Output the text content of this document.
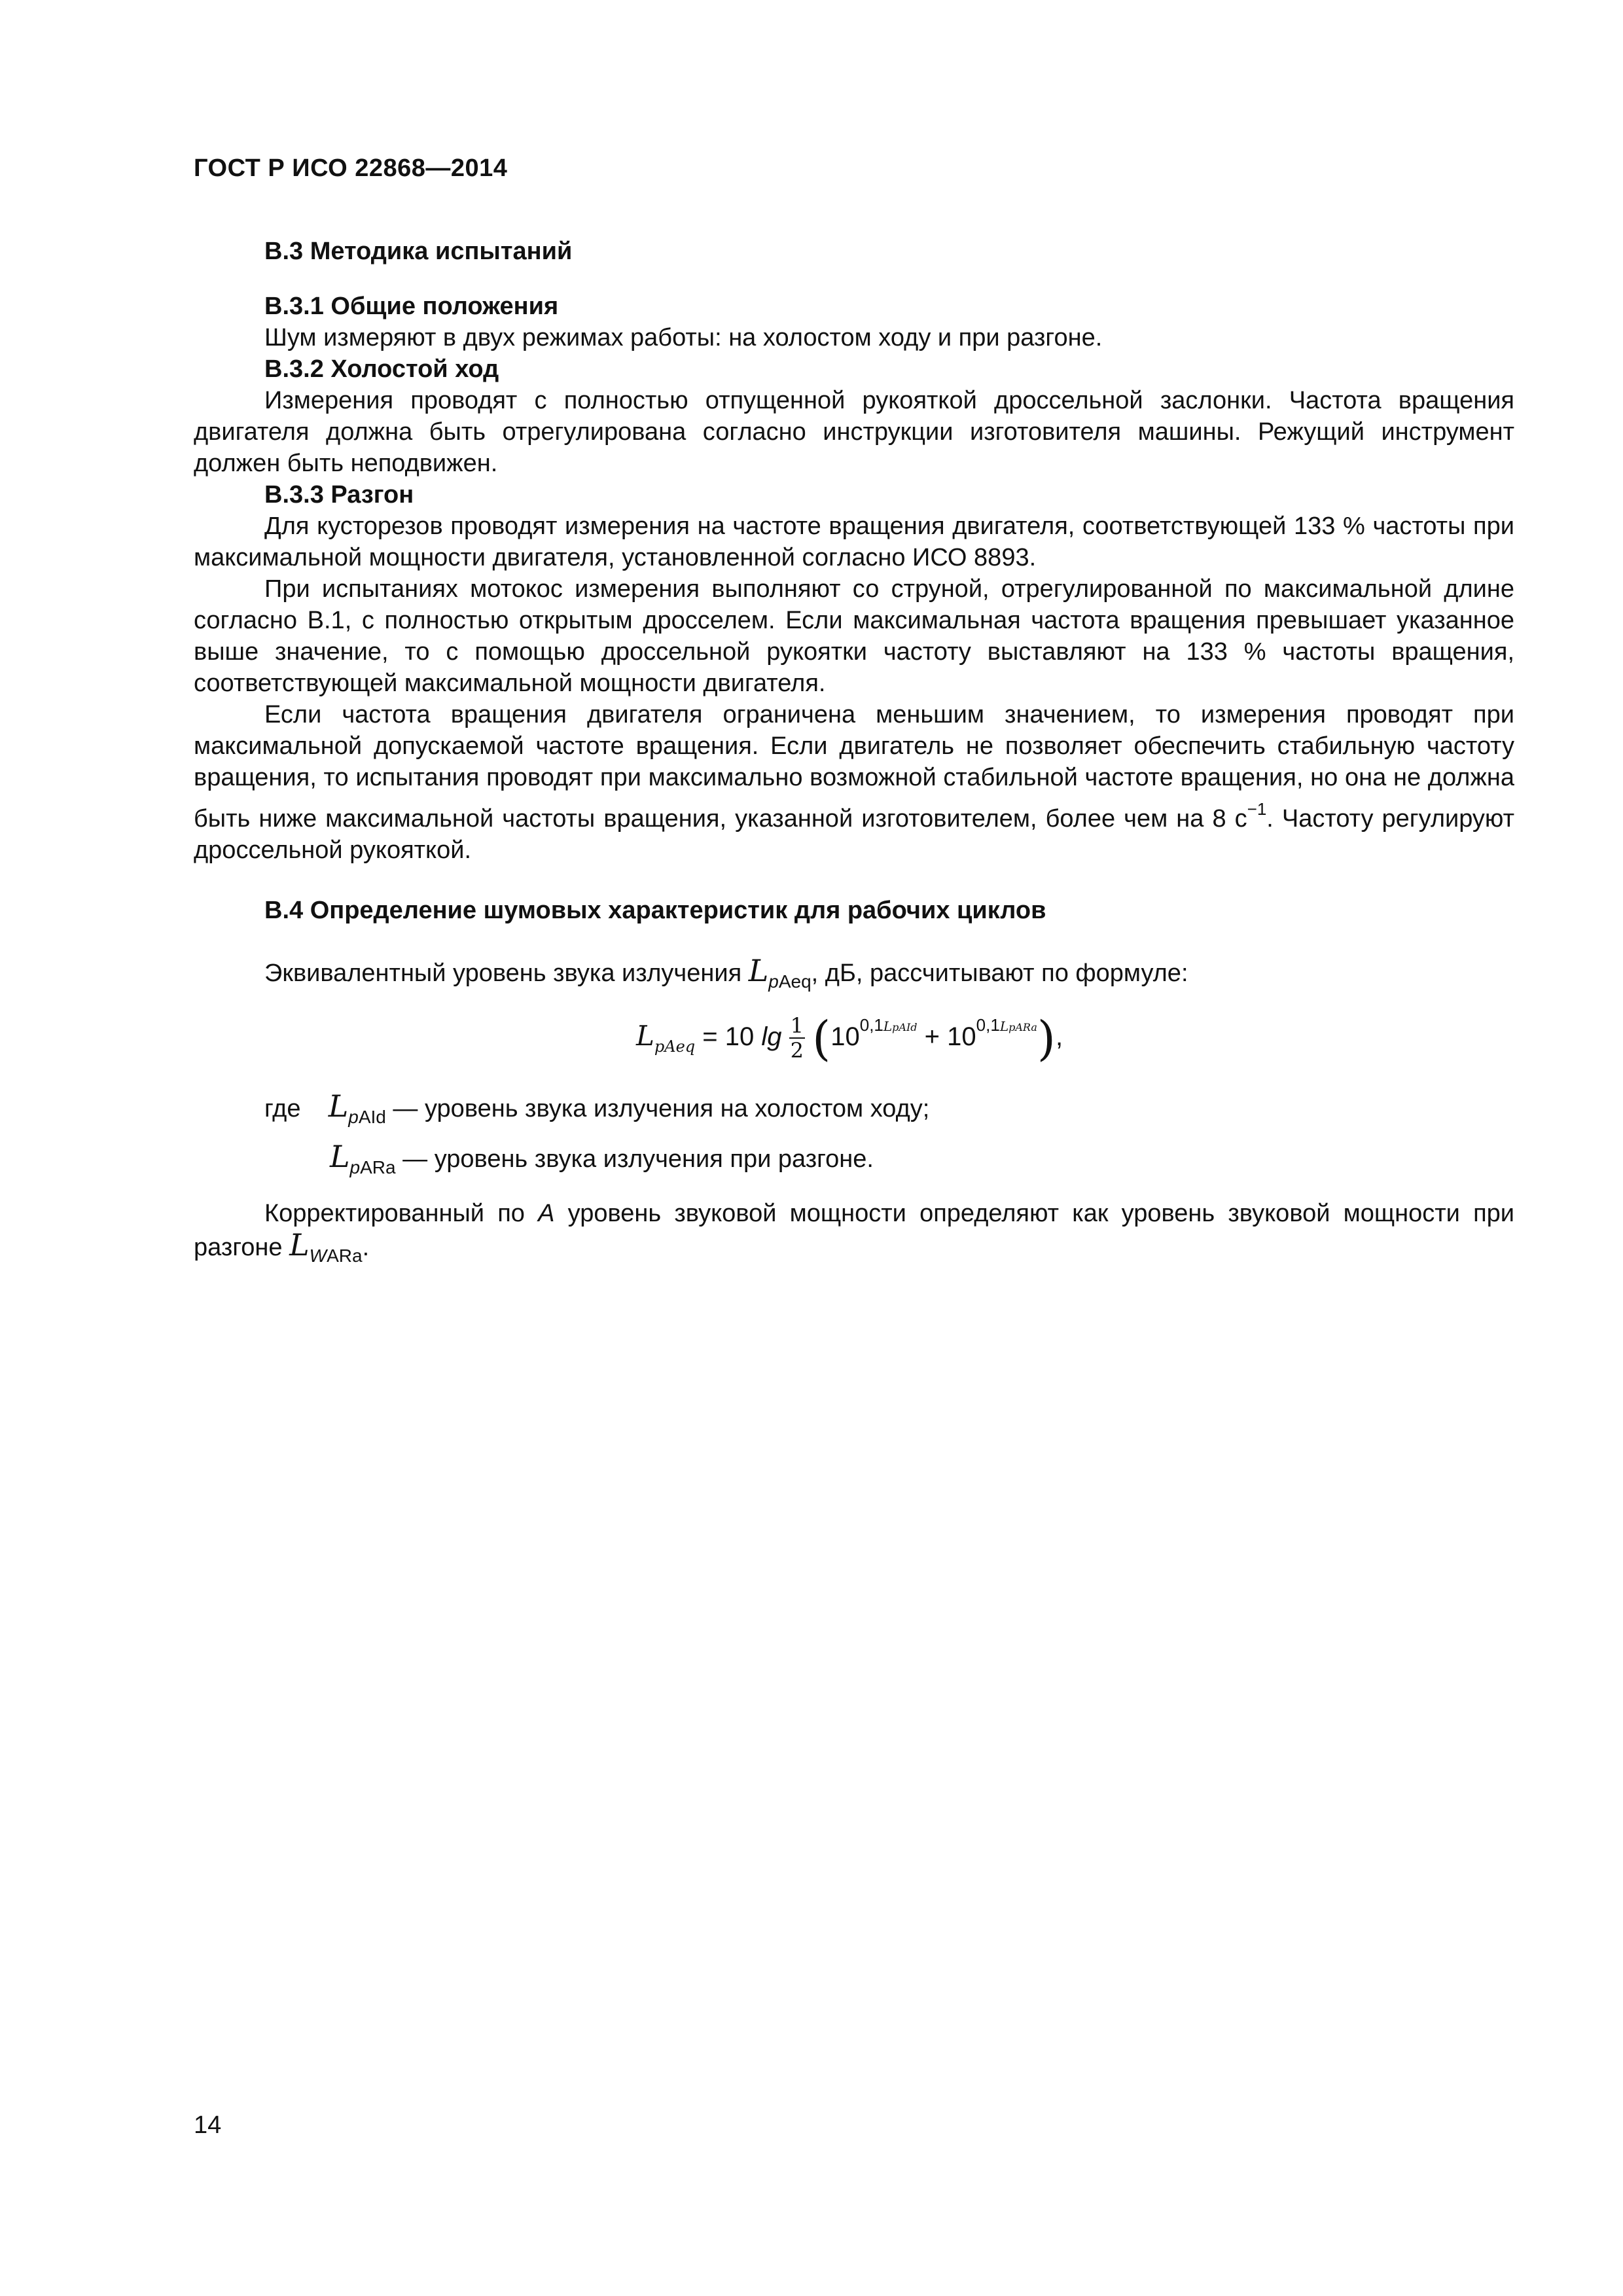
ГОСТ Р ИСО 22868—2014
В.3 Методика испытаний
В.3.1 Общие положения
Шум измеряют в двух режимах работы: на холостом ходу и при разгоне.
В.3.2 Холостой ход
Измерения проводят с полностью отпущенной рукояткой дроссельной заслонки. Частота вращения двигателя должна быть отрегулирована согласно инструкции изготовителя машины. Режущий инструмент должен быть неподвижен.
В.3.3 Разгон
Для кусторезов проводят измерения на частоте вращения двигателя, соответствующей 133 % частоты при максимальной мощности двигателя, установленной согласно ИСО 8893.
При испытаниях мотокос измерения выполняют со струной, отрегулированной по максимальной длине согласно В.1, с полностью открытым дросселем. Если максимальная частота вращения превышает указанное выше значение, то с помощью дроссельной рукоятки частоту выставляют на 133 % частоты вращения, соответствующей максимальной мощности двигателя.
Если частота вращения двигателя ограничена меньшим значением, то измерения проводят при максимальной допускаемой частоте вращения. Если двигатель не позволяет обеспечить стабильную частоту вращения, то испытания проводят при максимально возможной стабильной частоте вращения, но она не должна быть ниже максимальной частоты вращения, указанной изготовителем, более чем на 8 $с^{-1}$. Частоту регулируют дроссельной рукояткой.
В.4 Определение шумовых характеристик для рабочих циклов
Эквивалентный уровень звука излучения $L_{pAeq}$, дБ, рассчитывают по формуле:
$L_{pAeq} = 10$ $\lg \frac{1}{2} (10^{0,1LpAId} + 10^{0,1LpARa})$,
где $L_{pAId}$ — уровень звука излучения на холостом ходу;
$L_{pARa}$ — уровень звука излучения при разгоне.
Корректированный по А уровень звуковой мощности определяют как уровень звуковой мощности при разгоне $L_{WARa}$.
14
